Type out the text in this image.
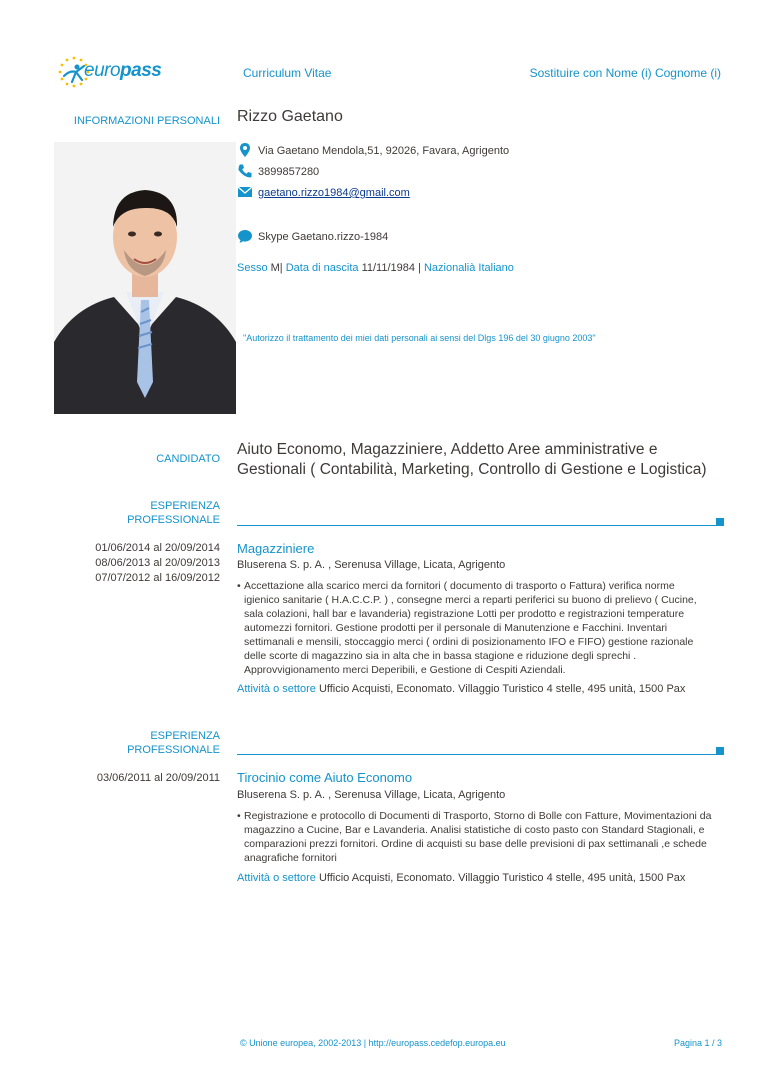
europass	Curriculum Vitae	Sostituire con Nome (i) Cognome (i)
INFORMAZIONI PERSONALI Rizzo Gaetano
Via Gaetano Mendola,51, 92026, Favara, Agrigento
3899857280
gaetano.rizzo1984@gmail.com
Skype Gaetano.rizzo-1984
Sesso M| Data di nascita 11/11/1984 | Nazionalià Italiano
"Autorizzo il trattamento dei miei dati personali ai sensi del Dlgs 196 del 30 giugno 2003"
CANDIDATO
Aiuto Economo, Magazziniere, Addetto Aree amministrative e
Gestionali ( Contabilità, Marketing, Controllo di Gestione e Logistica)
ESPERIENZA
PROFESSIONALE
01/06/2014 al 20/09/2014
08/06/2013 al 20/09/2013
07/07/2012 al 16/09/2012
Magazziniere
Bluserena S. p. A. , Serenusa Village, Licata, Agrigento
• Accettazione alla scarico merci da fornitori ( documento di trasporto o Fattura) verifica norme
igienico sanitarie ( H.A.C.C.P. ) , consegne merci a reparti periferici su buono di prelievo ( Cucine,
sala colazioni, hall bar e lavanderia) registrazione Lotti per prodotto e registrazioni temperature
automezzi fornitori. Gestione prodotti per il personale di Manutenzione e Facchini. Inventari
settimanali e mensili, stoccaggio merci ( ordini di posizionamento IFO e FIFO) gestione razionale
delle scorte di magazzino sia in alta che in bassa stagione e riduzione degli sprechi .
Approvvigionamento merci Deperibili, e Gestione di Cespiti Aziendali.
Attività o settore Ufficio Acquisti, Economato. Villaggio Turistico 4 stelle, 495 unità, 1500 Pax
ESPERIENZA
PROFESSIONALE
03/06/2011 al 20/09/2011 Tirocinio come Aiuto Economo
Bluserena S. p. A. , Serenusa Village, Licata, Agrigento
• Registrazione e protocollo di Documenti di Trasporto, Storno di Bolle con Fatture, Movimentazioni da
magazzino a Cucine, Bar e Lavanderia. Analisi statistiche di costo pasto con Standard Stagionali, e
comparazioni prezzi fornitori. Ordine di acquisti su base delle previsioni di pax settimanali ,e schede
anagrafiche fornitori
Attività o settore Ufficio Acquisti, Economato. Villaggio Turistico 4 stelle, 495 unità, 1500 Pax
© Unione europea, 2002-2013 | http://europass.cedefop.europa.eu	Pagina 1 / 3
